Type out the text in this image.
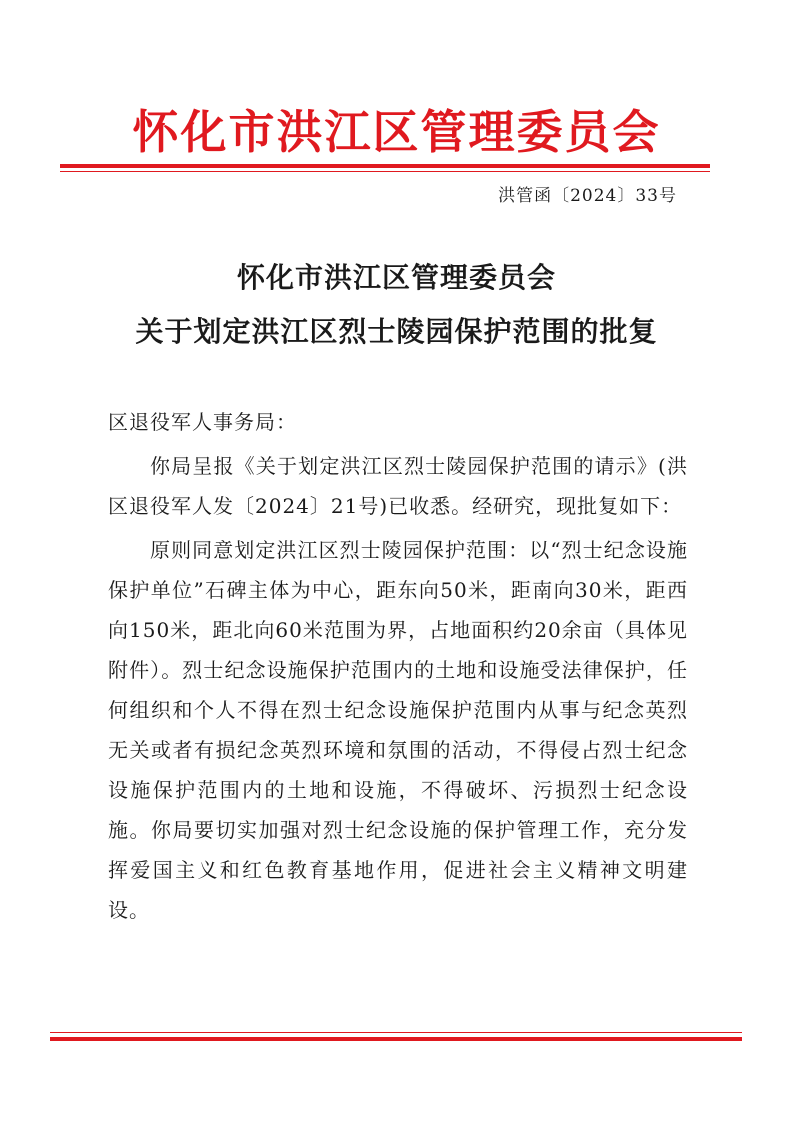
怀化市洪江区管理委员会
洪管函〔2024〕33号
怀化市洪江区管理委员会
关于划定洪江区烈士陵园保护范围的批复
区退役军人事务局：
你局呈报《关于划定洪江区烈士陵园保护范围的请示》(洪区退役军人发〔2024〕21号)已收悉。经研究，现批复如下：
原则同意划定洪江区烈士陵园保护范围：以“烈士纪念设施保护单位”石碑主体为中心，距东向50米，距南向30米，距西向150米，距北向60米范围为界，占地面积约20余亩（具体见附件）。烈士纪念设施保护范围内的土地和设施受法律保护，任何组织和个人不得在烈士纪念设施保护范围内从事与纪念英烈无关或者有损纪念英烈环境和氛围的活动，不得侵占烈士纪念设施保护范围内的土地和设施，不得破坏、污损烈士纪念设施。你局要切实加强对烈士纪念设施的保护管理工作，充分发挥爱国主义和红色教育基地作用，促进社会主义精神文明建设。
